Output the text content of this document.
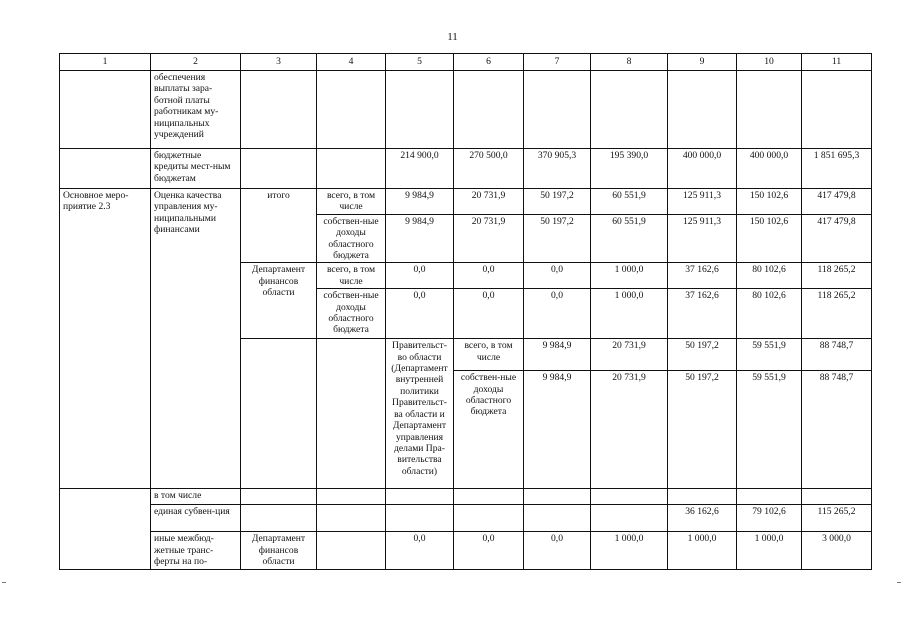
11
1	2	3	4	5	6	7	8	9	10	11	
	обеспечения выплаты зара-ботной платы работникам му-ниципальных учреждений										
	бюджетные кредиты мест-ным бюджетам			214 900,0	270 500,0	370 905,3	195 390,0	400 000,0	400 000,0	1 851 695,3	
Основное меро-приятие 2.3	Оценка качества управления му-ниципальными финансами	итого	всего, в том числе	9 984,9	20 731,9	50 197,2	60 551,9	125 911,3	150 102,6	417 479,8	
			собствен-ные доходы областного бюджета	9 984,9	20 731,9	50 197,2	60 551,9	125 911,3	150 102,6	417 479,8	
		Департамент финансов области	всего, в том числе	0,0	0,0	0,0	1 000,0	37 162,6	80 102,6	118 265,2	
			собствен-ные доходы областного бюджета	0,0	0,0	0,0	1 000,0	37 162,6	80 102,6	118 265,2	
				Правительст-во области (Департамент внутренней политики Правительст-ва области и Департамент управления делами Пра-вительства области)	всего, в том числе	9 984,9	20 731,9	50 197,2	59 551,9	88 748,7		
					собствен-ные доходы областного бюджета	9 984,9	20 731,9	50 197,2	59 551,9	88 748,7		
	в том числе										
	единая субвен-ция							36 162,6	79 102,6	115 265,2	
	иные межбюд-жетные транс-ферты на по-	Департамент финансов области		0,0	0,0	0,0	1 000,0	1 000,0	1 000,0	3 000,0	
